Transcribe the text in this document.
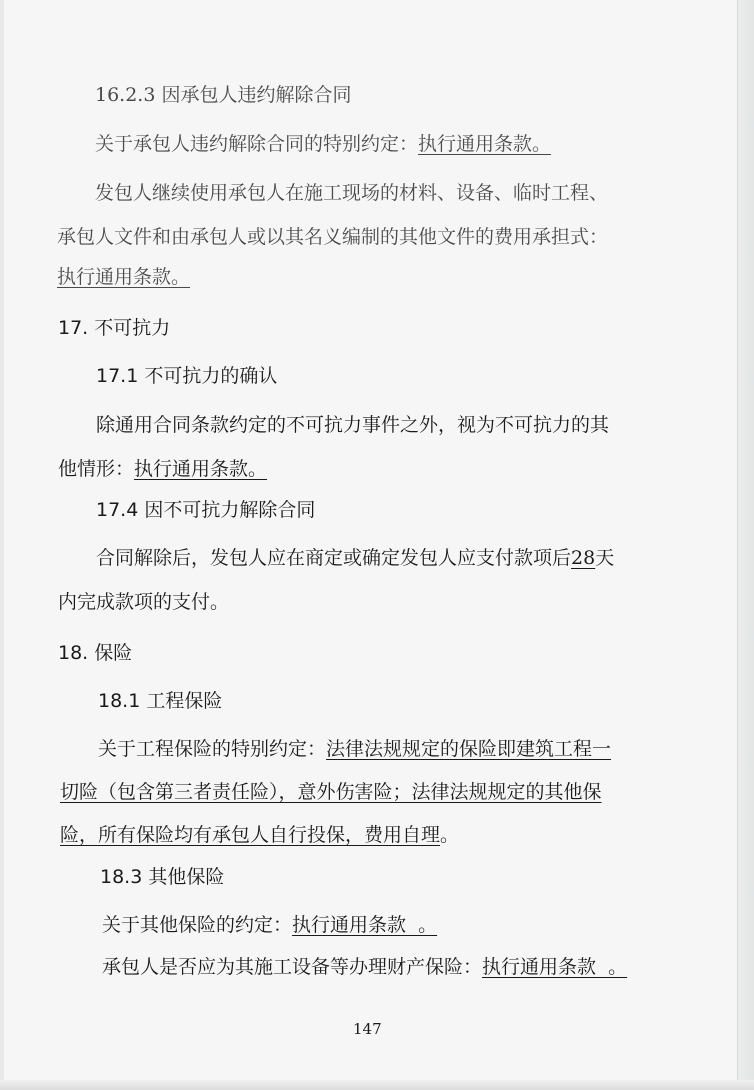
16.2.3 因承包人违约解除合同
关于承包人违约解除合同的特别约定：执行通用条款。
发包人继续使用承包人在施工现场的材料、设备、临时工程、
承包人文件和由承包人或以其名义编制的其他文件的费用承担式：
执行通用条款。
17. 不可抗力
17.1 不可抗力的确认
除通用合同条款约定的不可抗力事件之外，视为不可抗力的其
他情形：执行通用条款。
17.4 因不可抗力解除合同
合同解除后，发包人应在商定或确定发包人应支付款项后28天
内完成款项的支付。
18. 保险
18.1 工程保险
关于工程保险的特别约定：法律法规规定的保险即建筑工程一
切险（包含第三者责任险），意外伤害险；法律法规规定的其他保
险，所有保险均有承包人自行投保，费用自理。
18.3 其他保险
关于其他保险的约定：执行通用条款  。
承包人是否应为其施工设备等办理财产保险：执行通用条款  。
147
